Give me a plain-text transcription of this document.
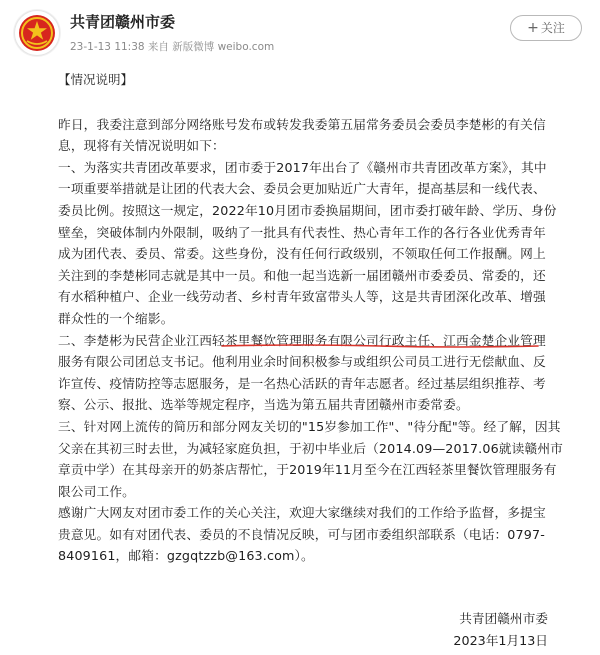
共青团赣州市委
23-1-13 11:38 来自 新版微博 weibo.com
+ 关注
【情况说明】
昨日，我委注意到部分网络账号发布或转发我委第五届常务委员会委员李楚彬的有关信
息，现将有关情况说明如下：
一、为落实共青团改革要求，团市委于2017年出台了《赣州市共青团改革方案》，其中
一项重要举措就是让团的代表大会、委员会更加贴近广大青年，提高基层和一线代表、
委员比例。按照这一规定，2022年10月团市委换届期间，团市委打破年龄、学历、身份
壁垒，突破体制内外限制，吸纳了一批具有代表性、热心青年工作的各行各业优秀青年
成为团代表、委员、常委。这些身份，没有任何行政级别，不领取任何工作报酬。网上
关注到的李楚彬同志就是其中一员。和他一起当选新一届团赣州市委委员、常委的，还
有水稻种植户、企业一线劳动者、乡村青年致富带头人等，这是共青团深化改革、增强
群众性的一个缩影。
二、李楚彬为民营企业江西轻茶里餐饮管理服务有限公司行政主任、江西金楚企业管理
服务有限公司团总支书记。他利用业余时间积极参与或组织公司员工进行无偿献血、反
诈宣传、疫情防控等志愿服务，是一名热心活跃的青年志愿者。经过基层组织推荐、考
察、公示、报批、选举等规定程序，当选为第五届共青团赣州市委常委。
三、针对网上流传的简历和部分网友关切的"15岁参加工作"、"待分配"等。经了解，因其
父亲在其初三时去世，为减轻家庭负担，于初中毕业后（2014.09—2017.06就读赣州市
章贡中学）在其母亲开的奶茶店帮忙，于2019年11月至今在江西轻茶里餐饮管理服务有
限公司工作。
感谢广大网友对团市委工作的关心关注，欢迎大家继续对我们的工作给予监督，多提宝
贵意见。如有对团代表、委员的不良情况反映，可与团市委组织部联系（电话：0797-
8409161，邮箱：gzgqtzzb@163.com）。
共青团赣州市委
2023年1月13日
